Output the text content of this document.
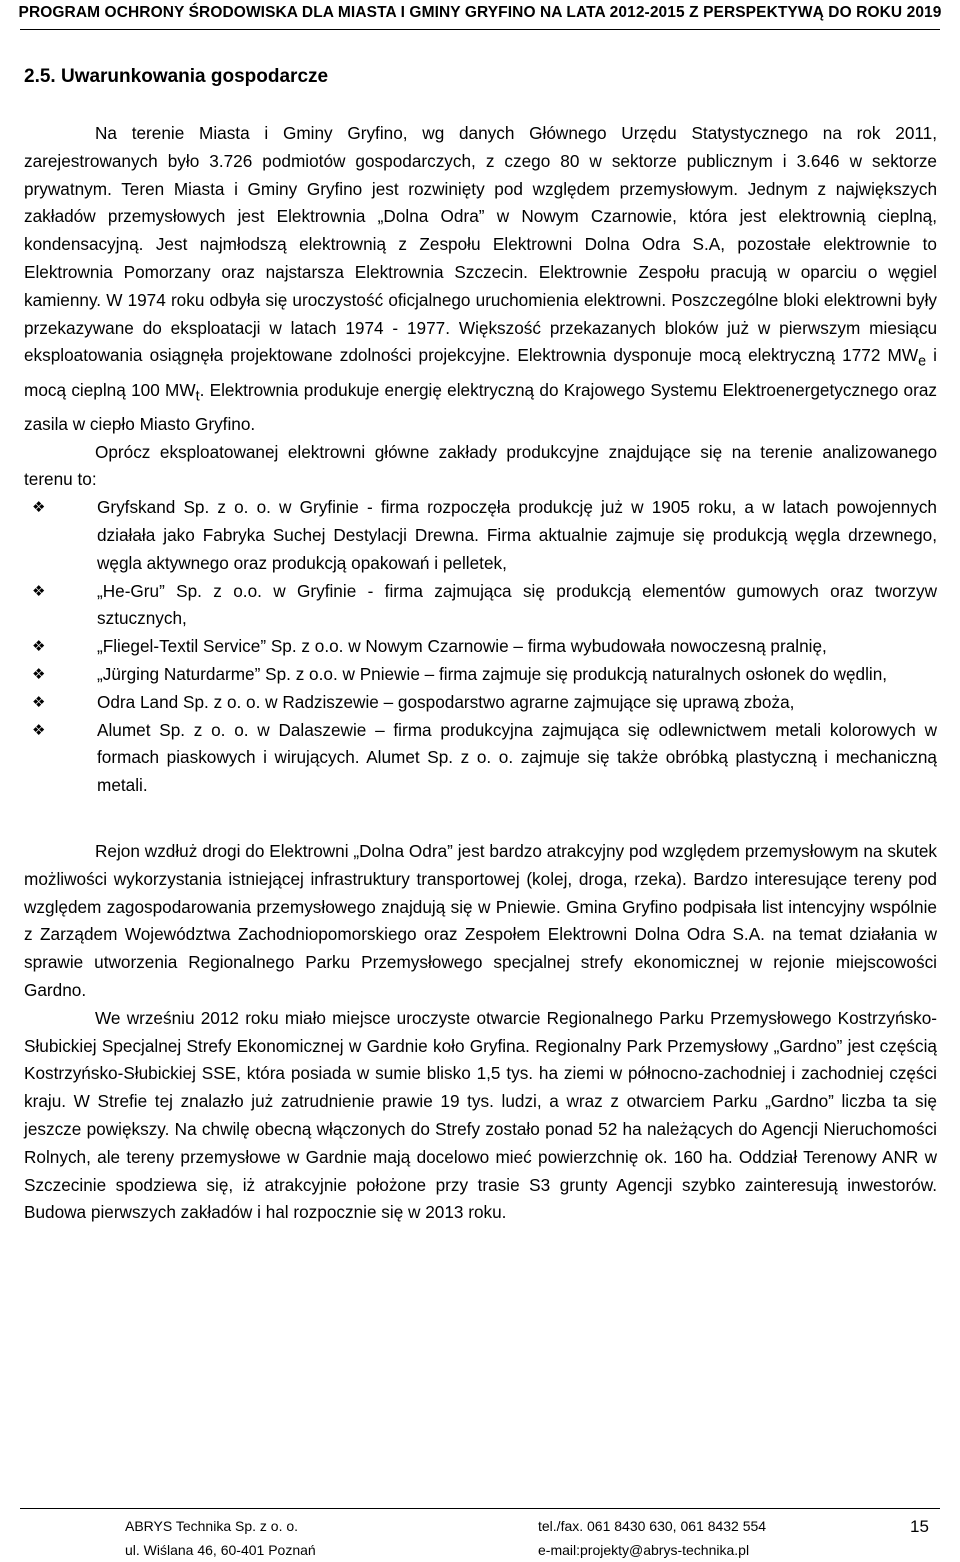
PROGRAM OCHRONY ŚRODOWISKA DLA MIASTA I GMINY GRYFINO NA LATA 2012-2015 Z PERSPEKTYWĄ DO ROKU 2019
2.5. Uwarunkowania gospodarcze

Na terenie Miasta i Gminy Gryfino, wg danych Głównego Urzędu Statystycznego na rok 2011, zarejestrowanych było 3.726 podmiotów gospodarczych, z czego 80 w sektorze publicznym i 3.646 w sektorze prywatnym. Teren Miasta i Gminy Gryfino jest rozwinięty pod względem przemysłowym. Jednym z największych zakładów przemysłowych jest Elektrownia „Dolna Odra” w Nowym Czarnowie, która jest elektrownią cieplną, kondensacyjną. Jest najmłodszą elektrownią z Zespołu Elektrowni Dolna Odra S.A, pozostałe elektrownie to Elektrownia Pomorzany oraz najstarsza Elektrownia Szczecin. Elektrownie Zespołu pracują w oparciu o węgiel kamienny. W 1974 roku odbyła się uroczystość oficjalnego uruchomienia elektrowni. Poszczególne bloki elektrowni były przekazywane do eksploatacji w latach 1974 - 1977. Większość przekazanych bloków już w pierwszym miesiącu eksploatowania osiągnęła projektowane zdolności projekcyjne. Elektrownia dysponuje mocą elektryczną 1772 $MW_e$ i mocą cieplną 100 $MW_t$. Elektrownia produkuje energię elektryczną do Krajowego Systemu Elektroenergetycznego oraz zasila w ciepło Miasto Gryfino.

Oprócz eksploatowanej elektrowni główne zakłady produkcyjne znajdujące się na terenie analizowanego terenu to:

❖	Gryfskand Sp. z o. o. w Gryfinie - firma rozpoczęła produkcję już w 1905 roku, a w latach powojennych działała jako Fabryka Suchej Destylacji Drewna. Firma aktualnie zajmuje się produkcją węgla drzewnego, węgla aktywnego oraz produkcją opakowań i pelletek,
❖	„He-Gru” Sp. z o.o. w Gryfinie - firma zajmująca się produkcją elementów gumowych oraz tworzyw sztucznych,
❖	„Fliegel-Textil Service” Sp. z o.o. w Nowym Czarnowie – firma wybudowała nowoczesną pralnię,
❖	„Jürging Naturdarme” Sp. z o.o. w Pniewie – firma zajmuje się produkcją naturalnych osłonek do wędlin,
❖	Odra Land Sp. z o. o. w Radziszewie – gospodarstwo agrarne zajmujące się uprawą zboża,
❖	Alumet Sp. z o. o. w Dalaszewie – firma produkcyjna zajmująca się odlewnictwem metali kolorowych w formach piaskowych i wirujących. Alumet Sp. z o. o. zajmuje się także obróbką plastyczną i mechaniczną metali.

Rejon wzdłuż drogi do Elektrowni „Dolna Odra” jest bardzo atrakcyjny pod względem przemysłowym na skutek możliwości wykorzystania istniejącej infrastruktury transportowej (kolej, droga, rzeka). Bardzo interesujące tereny pod względem zagospodarowania przemysłowego znajdują się w Pniewie. Gmina Gryfino podpisała list intencyjny wspólnie z Zarządem Województwa Zachodniopomorskiego oraz Zespołem Elektrowni Dolna Odra S.A. na temat działania w sprawie utworzenia Regionalnego Parku Przemysłowego specjalnej strefy ekonomicznej w rejonie miejscowości Gardno.

We wrześniu 2012 roku miało miejsce uroczyste otwarcie Regionalnego Parku Przemysłowego Kostrzyńsko-Słubickiej Specjalnej Strefy Ekonomicznej w Gardnie koło Gryfina. Regionalny Park Przemysłowy „Gardno” jest częścią Kostrzyńsko-Słubickiej SSE, która posiada w sumie blisko 1,5 tys. ha ziemi w północno-zachodniej i zachodniej części kraju. W Strefie tej znalazło już zatrudnienie prawie 19 tys. ludzi, a wraz z otwarciem Parku „Gardno” liczba ta się jeszcze powiększy. Na chwilę obecną włączonych do Strefy zostało ponad 52 ha należących do Agencji Nieruchomości Rolnych, ale tereny przemysłowe w Gardnie mają docelowo mieć powierzchnię ok. 160 ha. Oddział Terenowy ANR w Szczecinie spodziewa się, iż atrakcyjnie położone przy trasie S3 grunty Agencji szybko zainteresują inwestorów. Budowa pierwszych zakładów i hal rozpocznie się w 2013 roku.

ABRYS Technika Sp. z o. o.
ul. Wiślana 46, 60-401 Poznań
tel./fax. 061 8430 630, 061 8432 554
e-mail:projekty@abrys-technika.pl
15
